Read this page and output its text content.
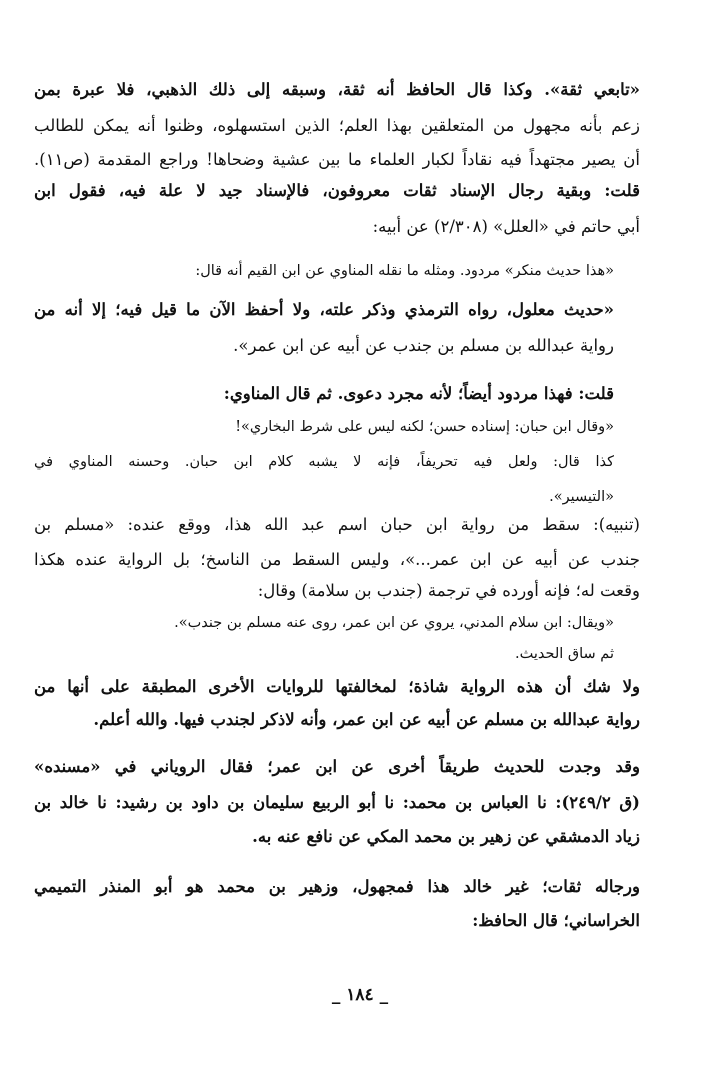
«تابعي ثقة». وكذا قال الحافظ أنه ثقة، وسبقه إلى ذلك الذهبي، فلا عبرة بمن
زعم بأنه مجهول من المتعلقين بهذا العلم؛ الذين استسهلوه، وظنوا أنه يمكن للطالب
أن يصير مجتهداً فيه نقاداً لكبار العلماء ما بين عشية وضحاها! وراجع المقدمة (ص١١).
قلت: وبقية رجال الإسناد ثقات معروفون، فالإسناد جيد لا علة فيه، فقول ابن
أبي حاتم في «العلل» (٢/٣٠٨) عن أبيه:
«هذا حديث منكر» مردود. ومثله ما نقله المناوي عن ابن القيم أنه قال:
«حديث معلول، رواه الترمذي وذكر علته، ولا أحفظ الآن ما قيل فيه؛ إلا أنه من
رواية عبدالله بن مسلم بن جندب عن أبيه عن ابن عمر».
قلت: فهذا مردود أيضاً؛ لأنه مجرد دعوى. ثم قال المناوي:
«وقال ابن حبان: إسناده حسن؛ لكنه ليس على شرط البخاري»!
كذا قال: ولعل فيه تحريفاً، فإنه لا يشبه كلام ابن حبان. وحسنه المناوي في
«التيسير».
(تنبيه): سقط من رواية ابن حبان اسم عبد الله هذا، ووقع عنده: «مسلم بن
جندب عن أبيه عن ابن عمر...»، وليس السقط من الناسخ؛ بل الرواية عنده هكذا
وقعت له؛ فإنه أورده في ترجمة (جندب بن سلامة) وقال:
«ويقال: ابن سلام المدني، يروي عن ابن عمر، روى عنه مسلم بن جندب».
ثم ساق الحديث.
ولا شك أن هذه الرواية شاذة؛ لمخالفتها للروايات الأخرى المطبقة على أنها من
رواية عبدالله بن مسلم عن أبيه عن ابن عمر، وأنه لاذكر لجندب فيها. والله أعلم.
وقد وجدت للحديث طريقاً أخرى عن ابن عمر؛ فقال الروياني في «مسنده»
(ق ٢٤٩/٢): نا العباس بن محمد: نا أبو الربيع سليمان بن داود بن رشيد: نا خالد بن
زياد الدمشقي عن زهير بن محمد المكي عن نافع عنه به.
ورجاله ثقات؛ غير خالد هذا فمجهول، وزهير بن محمد هو أبو المنذر التميمي
الخراساني؛ قال الحافظ:
_ ١٨٤ _
